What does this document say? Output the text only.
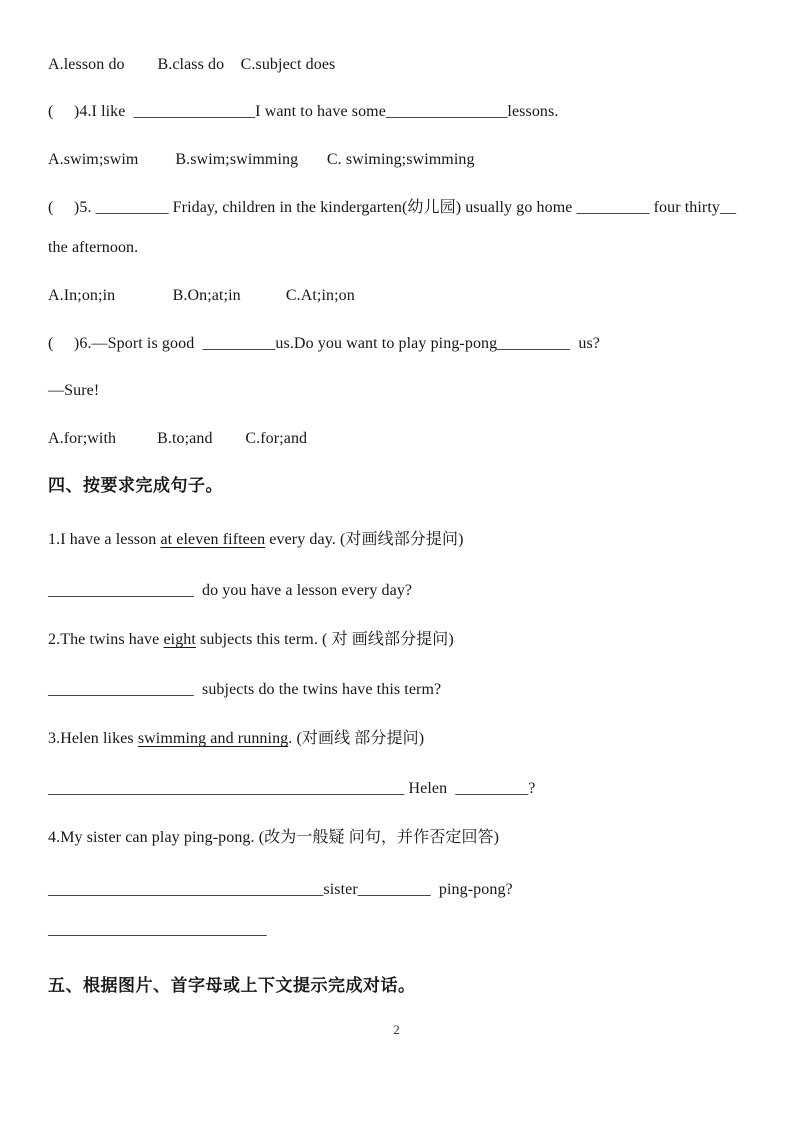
A.lesson do        B.class do    C.subject does
(     )4.I like  _______________I want to have some_______________lessons.
A.swim;swim         B.swim;swimming       C. swiming;swimming
(     )5. _________ Friday, children in the kindergarten(幼儿园) usually go home _________ four thirty__
the afternoon.
A.In;on;in              B.On;at;in           C.At;in;on
(     )6.—Sport is good  _________us.Do you want to play ping-pong_________  us?
—Sure!
A.for;with          B.to;and        C.for;and
四、按要求完成句子。
1.I have a lesson at eleven fifteen every day. (对画线部分提问)
__________________  do you have a lesson every day?
2.The twins have eight subjects this term. ( 对 画线部分提问)
__________________  subjects do the twins have this term?
3.Helen likes swimming and running. (对画线 部分提问)
____________________________________________ Helen  _________?
4.My sister can play ping-pong. (改为一般疑 问句，并作否定回答)
__________________________________sister_________  ping-pong?
___________________________
五、根据图片、首字母或上下文提示完成对话。
2
